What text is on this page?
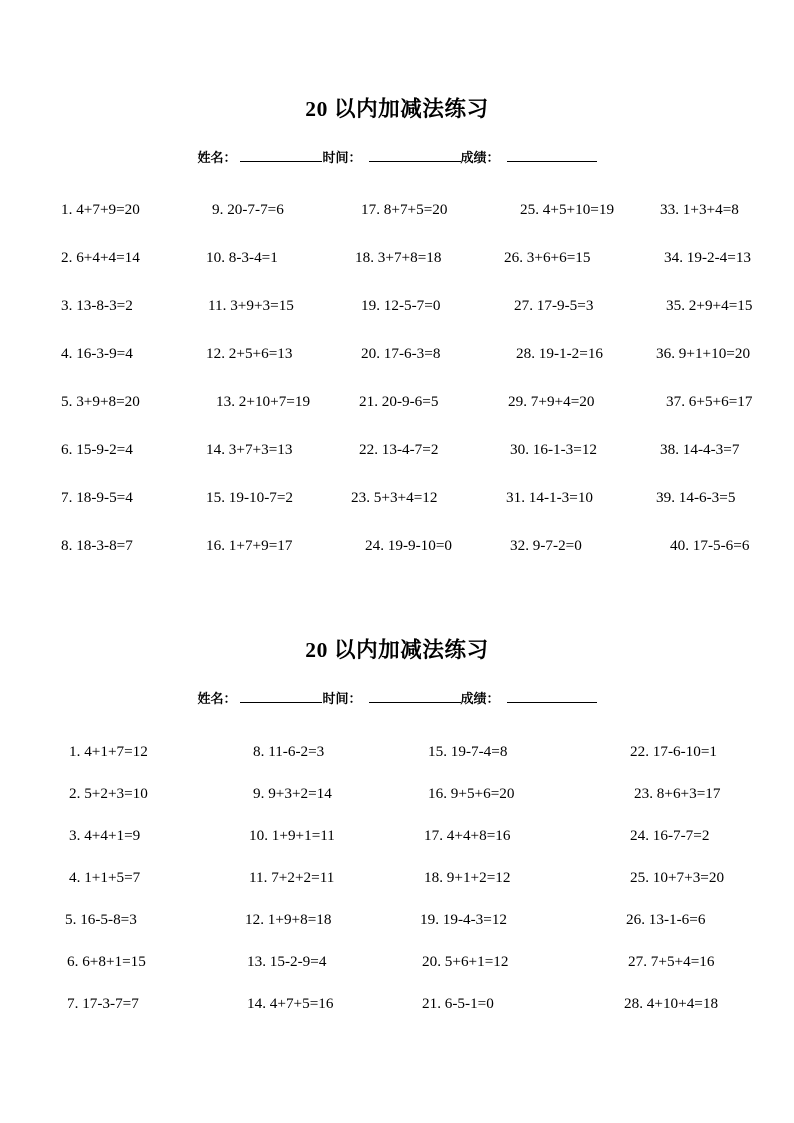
20 以内加减法练习

姓名：	时间：	成绩：

1. 4+7+9=20	9. 20-7-7=6	17. 8+7+5=20	25. 4+5+10=19	33. 1+3+4=8
2. 6+4+4=14	10. 8-3-4=1	18. 3+7+8=18	26. 3+6+6=15	34. 19-2-4=13
3. 13-8-3=2	11. 3+9+3=15	19. 12-5-7=0	27. 17-9-5=3	35. 2+9+4=15
4. 16-3-9=4	12. 2+5+6=13	20. 17-6-3=8	28. 19-1-2=16	36. 9+1+10=20
5. 3+9+8=20	13. 2+10+7=19	21. 20-9-6=5	29. 7+9+4=20	37. 6+5+6=17
6. 15-9-2=4	14. 3+7+3=13	22. 13-4-7=2	30. 16-1-3=12	38. 14-4-3=7
7. 18-9-5=4	15. 19-10-7=2	23. 5+3+4=12	31. 14-1-3=10	39. 14-6-3=5
8. 18-3-8=7	16. 1+7+9=17	24. 19-9-10=0	32. 9-7-2=0	40. 17-5-6=6
20 以内加减法练习

姓名：	时间：	成绩：

1. 4+1+7=12	8. 11-6-2=3	15. 19-7-4=8	22. 17-6-10=1
2. 5+2+3=10	9. 9+3+2=14	16. 9+5+6=20	23. 8+6+3=17
3. 4+4+1=9	10. 1+9+1=11	17. 4+4+8=16	24. 16-7-7=2
4. 1+1+5=7	11. 7+2+2=11	18. 9+1+2=12	25. 10+7+3=20
5. 16-5-8=3	12. 1+9+8=18	19. 19-4-3=12	26. 13-1-6=6
6. 6+8+1=15	13. 15-2-9=4	20. 5+6+1=12	27. 7+5+4=16
7. 17-3-7=7	14. 4+7+5=16	21. 6-5-1=0	28. 4+10+4=18
